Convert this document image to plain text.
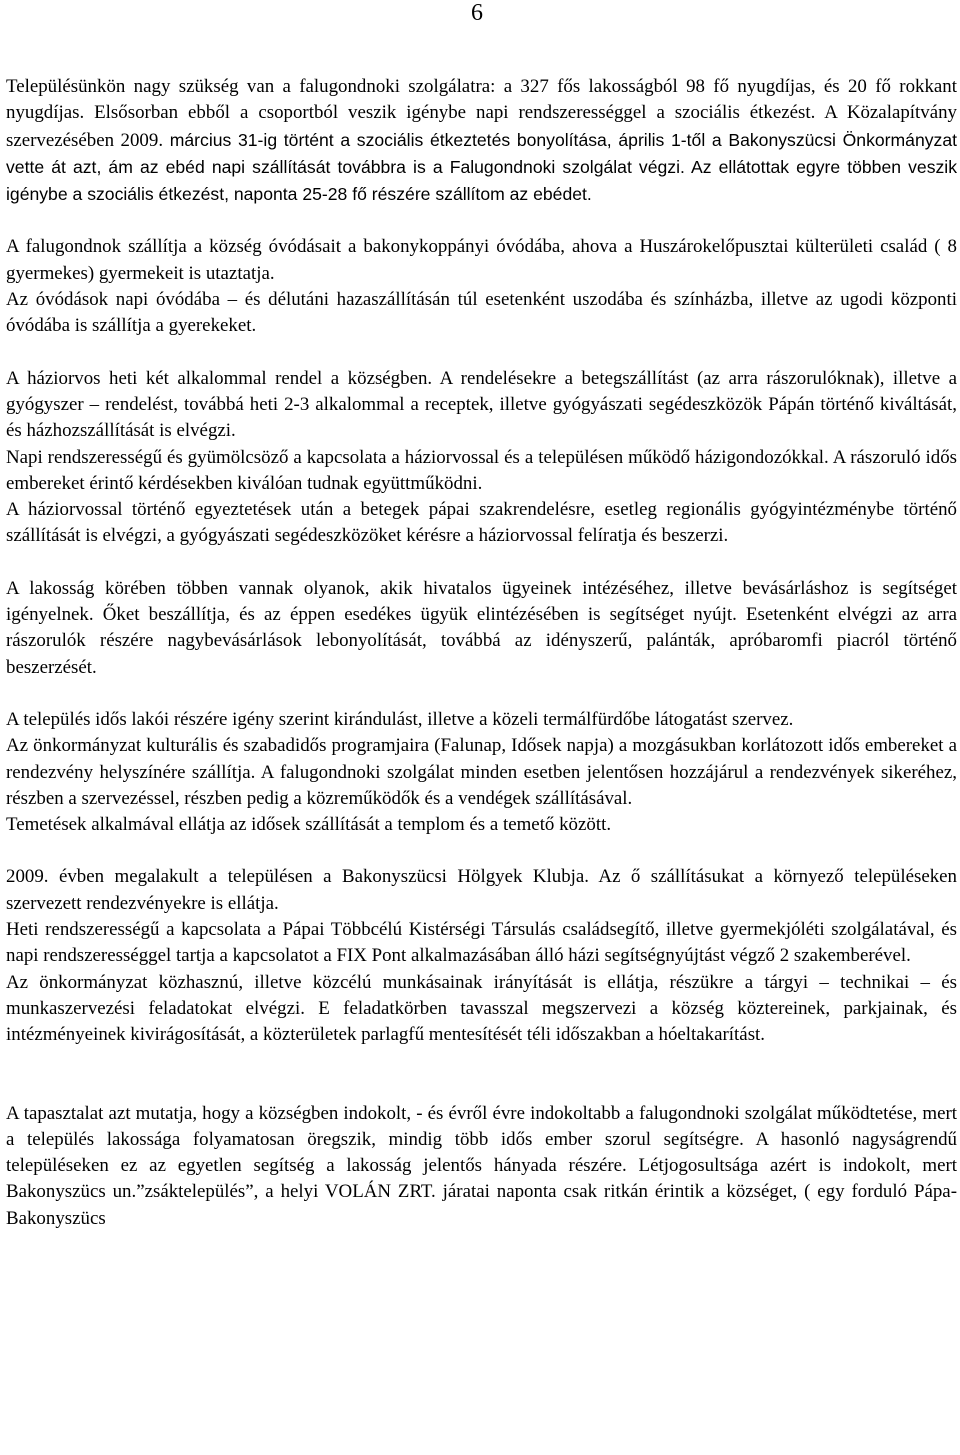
6

Településünkön nagy szükség van a falugondnoki szolgálatra: a 327 fős lakosságból 98 fő nyugdíjas, és 20 fő rokkant nyugdíjas. Elsősorban ebből a csoportból veszik igénybe napi rendszerességgel a szociális étkezést. A Közalapítvány szervezésében 2009. március 31-ig történt a szociális étkeztetés bonyolítása, április 1-től a Bakonyszücsi Önkormányzat vette át azt, ám az ebéd napi szállítását továbbra is a Falugondnoki szolgálat végzi. Az ellátottak egyre többen veszik igénybe a szociális étkezést, naponta 25-28 fő részére szállítom az ebédet.

A falugondnok szállítja a község óvódásait a bakonykoppányi óvódába, ahova a Huszárokelőpusztai külterületi család ( 8 gyermekes) gyermekeit is utaztatja.

Az óvódások napi óvódába – és délutáni hazaszállításán túl esetenként uszodába és színházba, illetve az ugodi központi óvódába is szállítja a gyerekeket.

A háziorvos heti két alkalommal rendel a községben. A rendelésekre a betegszállítást (az arra rászorulóknak), illetve a gyógyszer – rendelést, továbbá heti 2-3 alkalommal a receptek, illetve gyógyászati segédeszközök Pápán történő kiváltását, és házhozszállítását is elvégzi.

Napi rendszerességű és gyümölcsöző a kapcsolata a háziorvossal és a településen működő házigondozókkal. A rászoruló idős embereket érintő kérdésekben kiválóan tudnak együttműködni.

A háziorvossal történő egyeztetések után a betegek pápai szakrendelésre, esetleg regionális gyógyintézménybe történő szállítását is elvégzi, a gyógyászati segédeszközöket kérésre a háziorvossal felíratja és beszerzi.

A lakosság körében többen vannak olyanok, akik hivatalos ügyeinek intézéséhez, illetve bevásárláshoz is segítséget igényelnek. Őket beszállítja, és az éppen esedékes ügyük elintézésében is segítséget nyújt. Esetenként elvégzi az arra rászorulók részére nagybevásárlások lebonyolítását, továbbá az idényszerű, palánták, apróbaromfi piacról történő beszerzését.

A település idős lakói részére igény szerint kirándulást, illetve a közeli termálfürdőbe látogatást szervez.

Az önkormányzat kulturális és szabadidős programjaira (Falunap, Idősek napja) a mozgásukban korlátozott idős embereket a rendezvény helyszínére szállítja. A falugondnoki szolgálat minden esetben jelentősen hozzájárul a rendezvények sikeréhez, részben a szervezéssel, részben pedig a közreműködők és a vendégek szállításával.

Temetések alkalmával ellátja az idősek szállítását a templom és a temető között.

2009. évben megalakult a településen a Bakonyszücsi Hölgyek Klubja. Az ő szállításukat a környező településeken szervezett rendezvényekre is ellátja.

Heti rendszerességű a kapcsolata a Pápai Többcélú Kistérségi Társulás családsegítő, illetve gyermekjóléti szolgálatával, és napi rendszerességgel tartja a kapcsolatot a FIX Pont alkalmazásában álló házi segítségnyújtást végző 2 szakemberével.

Az önkormányzat közhasznú, illetve közcélú munkásainak irányítását is ellátja, részükre a tárgyi – technikai – és munkaszervezési feladatokat elvégzi. E feladatkörben tavasszal megszervezi a község köztereinek, parkjainak, és intézményeinek kivirágosítását, a közterületek parlagfű mentesítését téli időszakban a hóeltakarítást.

A tapasztalat azt mutatja, hogy a községben indokolt, - és évről évre indokoltabb a falugondnoki szolgálat működtetése, mert a település lakossága folyamatosan öregszik, mindig több idős ember szorul segítségre. A hasonló nagyságrendű településeken ez az egyetlen segítség a lakosság jelentős hányada részére. Létjogosultsága azért is indokolt, mert Bakonyszücs un.”zsáktelepülés”, a helyi VOLÁN ZRT. járatai naponta csak ritkán érintik a községet, ( egy forduló Pápa-Bakonyszücs
